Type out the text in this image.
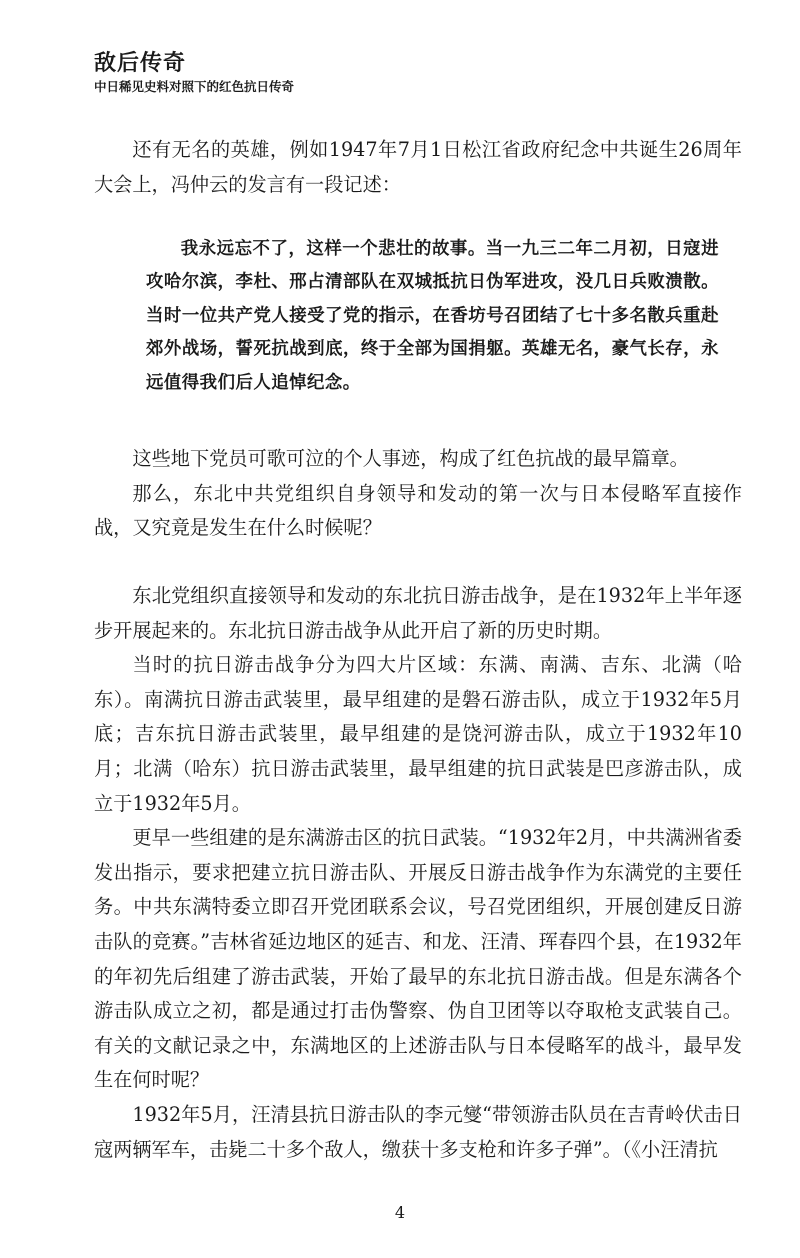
敌后传奇
中日稀见史料对照下的红色抗日传奇

还有无名的英雄，例如1947年7月1日松江省政府纪念中共诞生26周年大会上，冯仲云的发言有一段记述：

我永远忘不了，这样一个悲壮的故事。当一九三二年二月初，日寇进攻哈尔滨，李杜、邢占清部队在双城抵抗日伪军进攻，没几日兵败溃散。当时一位共产党人接受了党的指示，在香坊号召团结了七十多名散兵重赴郊外战场，誓死抗战到底，终于全部为国捐躯。英雄无名，豪气长存，永远值得我们后人追悼纪念。

这些地下党员可歌可泣的个人事迹，构成了红色抗战的最早篇章。

那么，东北中共党组织自身领导和发动的第一次与日本侵略军直接作战，又究竟是发生在什么时候呢？

东北党组织直接领导和发动的东北抗日游击战争，是在1932年上半年逐步开展起来的。东北抗日游击战争从此开启了新的历史时期。

当时的抗日游击战争分为四大片区域：东满、南满、吉东、北满（哈东）。南满抗日游击武装里，最早组建的是磐石游击队，成立于1932年5月底；吉东抗日游击武装里，最早组建的是饶河游击队，成立于1932年10月；北满（哈东）抗日游击武装里，最早组建的抗日武装是巴彦游击队，成立于1932年5月。

更早一些组建的是东满游击区的抗日武装。“1932年2月，中共满洲省委发出指示，要求把建立抗日游击队、开展反日游击战争作为东满党的主要任务。中共东满特委立即召开党团联系会议，号召党团组织，开展创建反日游击队的竞赛。”吉林省延边地区的延吉、和龙、汪清、珲春四个县，在1932年的年初先后组建了游击武装，开始了最早的东北抗日游击战。但是东满各个游击队成立之初，都是通过打击伪警察、伪自卫团等以夺取枪支武装自己。有关的文献记录之中，东满地区的上述游击队与日本侵略军的战斗，最早发生在何时呢？

1932年5月，汪清县抗日游击队的李元燮“带领游击队员在吉青岭伏击日寇两辆军车，击毙二十多个敌人，缴获十多支枪和许多子弹”。（《小汪清抗

4
